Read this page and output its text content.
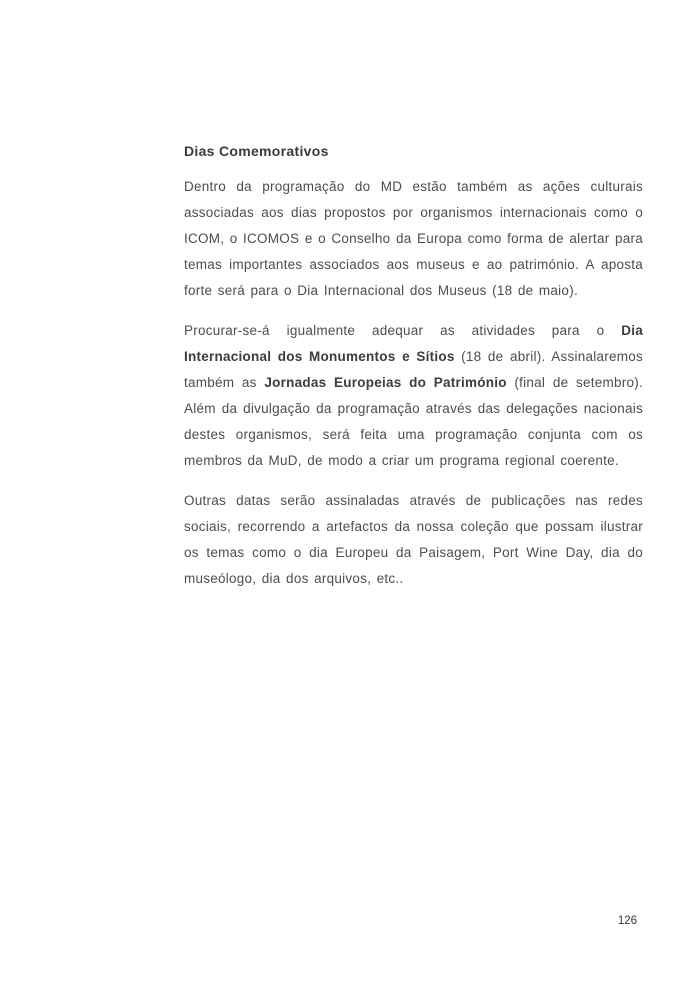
Dias Comemorativos

Dentro da programação do MD estão também as ações culturais associadas aos dias propostos por organismos internacionais como o ICOM, o ICOMOS e o Conselho da Europa como forma de alertar para temas importantes associados aos museus e ao património. A aposta forte será para o Dia Internacional dos Museus (18 de maio).

Procurar-se-á igualmente adequar as atividades para o Dia Internacional dos Monumentos e Sítios (18 de abril). Assinalaremos também as Jornadas Europeias do Património (final de setembro). Além da divulgação da programação através das delegações nacionais destes organismos, será feita uma programação conjunta com os membros da MuD, de modo a criar um programa regional coerente.

Outras datas serão assinaladas através de publicações nas redes sociais, recorrendo a artefactos da nossa coleção que possam ilustrar os temas como o dia Europeu da Paisagem, Port Wine Day, dia do museólogo, dia dos arquivos, etc..

126
